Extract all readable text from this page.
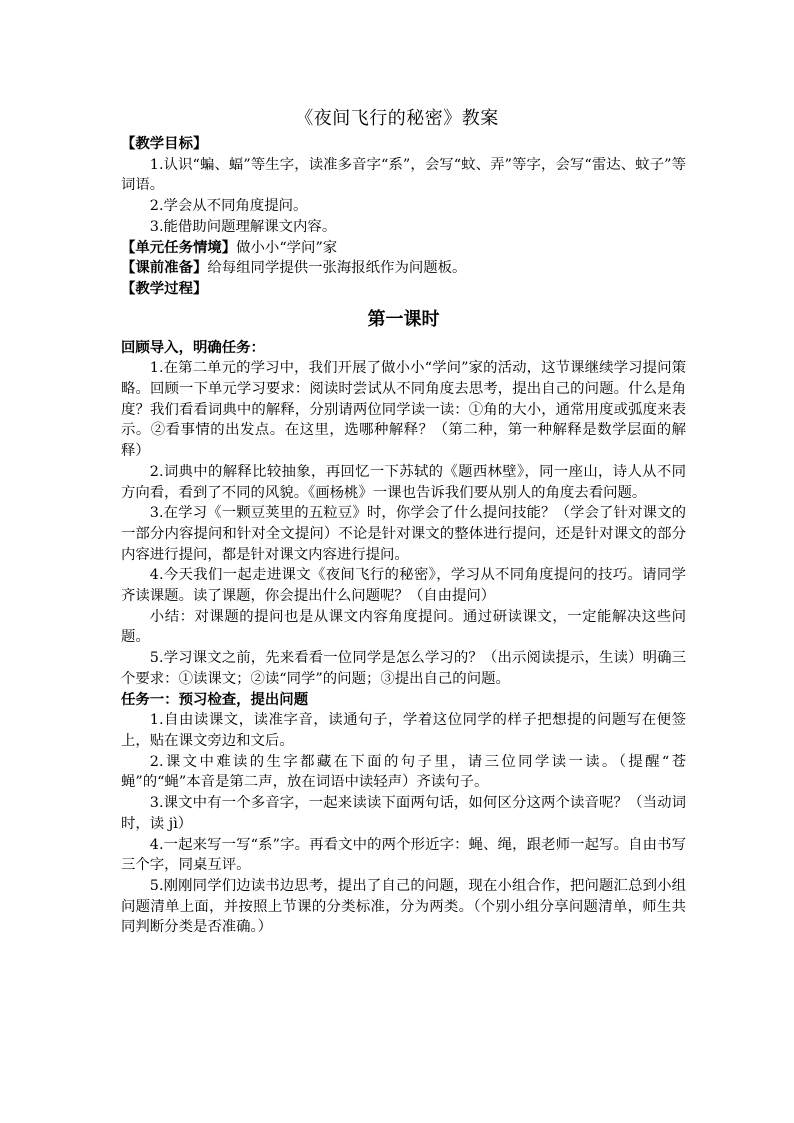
《夜间飞行的秘密》教案

【教学目标】

1.认识“蝙、蝠”等生字，读准多音字“系”，会写“蚊、弄”等字，会写“雷达、蚊子”等词语。

2.学会从不同角度提问。

3.能借助问题理解课文内容。

【单元任务情境】做小小“学问”家

【课前准备】给每组同学提供一张海报纸作为问题板。

【教学过程】

第一课时

回顾导入，明确任务：

1.在第二单元的学习中，我们开展了做小小“学问”家的活动，这节课继续学习提问策略。回顾一下单元学习要求：阅读时尝试从不同角度去思考，提出自己的问题。什么是角度？我们看看词典中的解释，分别请两位同学读一读：①角的大小，通常用度或弧度来表示。②看事情的出发点。在这里，选哪种解释？（第二种，第一种解释是数学层面的解释）

2.词典中的解释比较抽象，再回忆一下苏轼的《题西林壁》，同一座山，诗人从不同方向看，看到了不同的风貌。《画杨桃》一课也告诉我们要从别人的角度去看问题。

3.在学习《一颗豆荚里的五粒豆》时，你学会了什么提问技能？（学会了针对课文的一部分内容提问和针对全文提问）不论是针对课文的整体进行提问，还是针对课文的部分内容进行提问，都是针对课文内容进行提问。

4.今天我们一起走进课文《夜间飞行的秘密》，学习从不同角度提问的技巧。请同学齐读课题。读了课题，你会提出什么问题呢？（自由提问）

小结：对课题的提问也是从课文内容角度提问。通过研读课文，一定能解决这些问题。

5.学习课文之前，先来看看一位同学是怎么学习的？（出示阅读提示，生读）明确三个要求：①读课文；②读“同学”的问题；③提出自己的问题。

任务一：预习检查，提出问题

1.自由读课文，读准字音，读通句子，学着这位同学的样子把想提的问题写在便签上，贴在课文旁边和文后。

2.课文中难读的生字都藏在下面的句子里，请三位同学读一读。（提醒“苍蝇”的“蝇”本音是第二声，放在词语中读轻声）齐读句子。

3.课文中有一个多音字，一起来读读下面两句话，如何区分这两个读音呢？（当动词时，读 jì）

4.一起来写一写“系”字。再看文中的两个形近字：蝇、绳，跟老师一起写。自由书写三个字，同桌互评。

5.刚刚同学们边读书边思考，提出了自己的问题，现在小组合作，把问题汇总到小组问题清单上面，并按照上节课的分类标准，分为两类。（个别小组分享问题清单，师生共同判断分类是否准确。）
